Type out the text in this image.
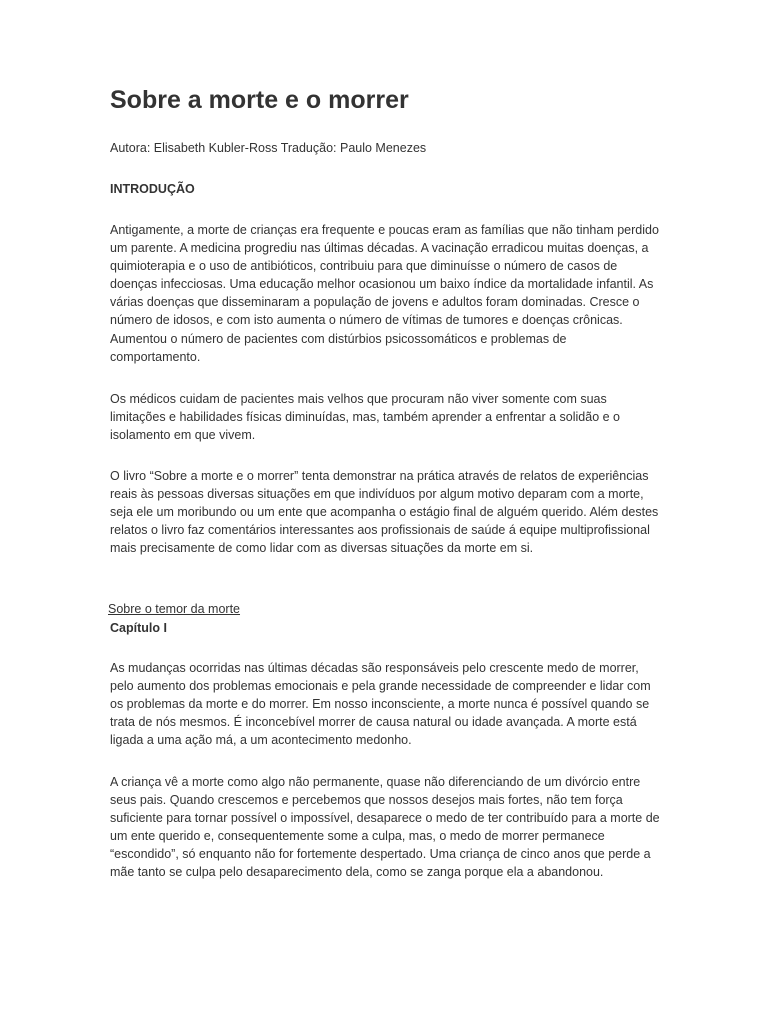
Sobre a morte e o morrer

Autora: Elisabeth Kubler-Ross Tradução: Paulo Menezes

INTRODUÇÃO

Antigamente, a morte de crianças era frequente e poucas eram as famílias que não tinham perdido um parente. A medicina progrediu nas últimas décadas. A vacinação erradicou muitas doenças, a quimioterapia e o uso de antibióticos, contribuiu para que diminuísse o número de casos de doenças infecciosas. Uma educação melhor ocasionou um baixo índice da mortalidade infantil. As várias doenças que disseminaram a população de jovens e adultos foram dominadas. Cresce o número de idosos, e com isto aumenta o número de vítimas de tumores e doenças crônicas. Aumentou o número de pacientes com distúrbios psicossomáticos e problemas de comportamento.

Os médicos cuidam de pacientes mais velhos que procuram não viver somente com suas limitações e habilidades físicas diminuídas, mas, também aprender a enfrentar a solidão e o isolamento em que vivem.

O livro “Sobre a morte e o morrer” tenta demonstrar na prática através de relatos de experiências reais às pessoas diversas situações em que indivíduos por algum motivo deparam com a morte, seja ele um moribundo ou um ente que acompanha o estágio final de alguém querido. Além destes relatos o livro faz comentários interessantes aos profissionais de saúde á equipe multiprofissional mais precisamente de como lidar com as diversas situações da morte em si.

Sobre o temor da morte

Capítulo I

As mudanças ocorridas nas últimas décadas são responsáveis pelo crescente medo de morrer, pelo aumento dos problemas emocionais e pela grande necessidade de compreender e lidar com os problemas da morte e do morrer. Em nosso inconsciente, a morte nunca é possível quando se trata de nós mesmos. É inconcebível morrer de causa natural ou idade avançada. A morte está ligada a uma ação má, a um acontecimento medonho.

A criança vê a morte como algo não permanente, quase não diferenciando de um divórcio entre seus pais. Quando crescemos e percebemos que nossos desejos mais fortes, não tem força suficiente para tornar possível o impossível, desaparece o medo de ter contribuído para a morte de um ente querido e, consequentemente some a culpa, mas, o medo de morrer permanece “escondido”, só enquanto não for fortemente despertado. Uma criança de cinco anos que perde a mãe tanto se culpa pelo desaparecimento dela, como se zanga porque ela a abandonou.
